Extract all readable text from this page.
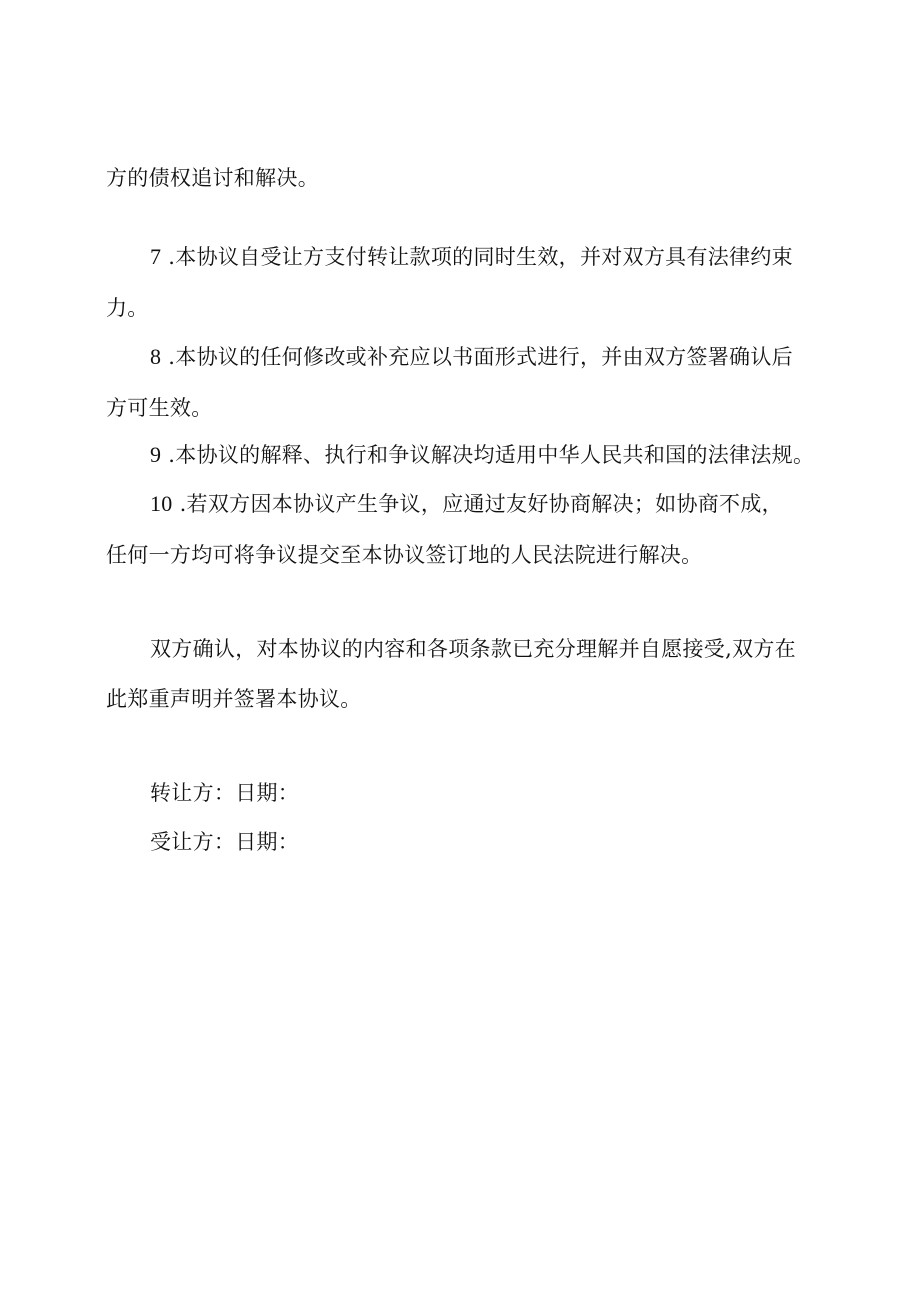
方的债权追讨和解决。
7 .本协议自受让方支付转让款项的同时生效，并对双方具有法律约束
力。
8 .本协议的任何修改或补充应以书面形式进行，并由双方签署确认后
方可生效。
9 .本协议的解释、执行和争议解决均适用中华人民共和国的法律法规。
10 .若双方因本协议产生争议，应通过友好协商解决；如协商不成，
任何一方均可将争议提交至本协议签订地的人民法院进行解决。
双方确认，对本协议的内容和各项条款已充分理解并自愿接受,双方在
此郑重声明并签署本协议。
转让方：日期：
受让方：日期：
